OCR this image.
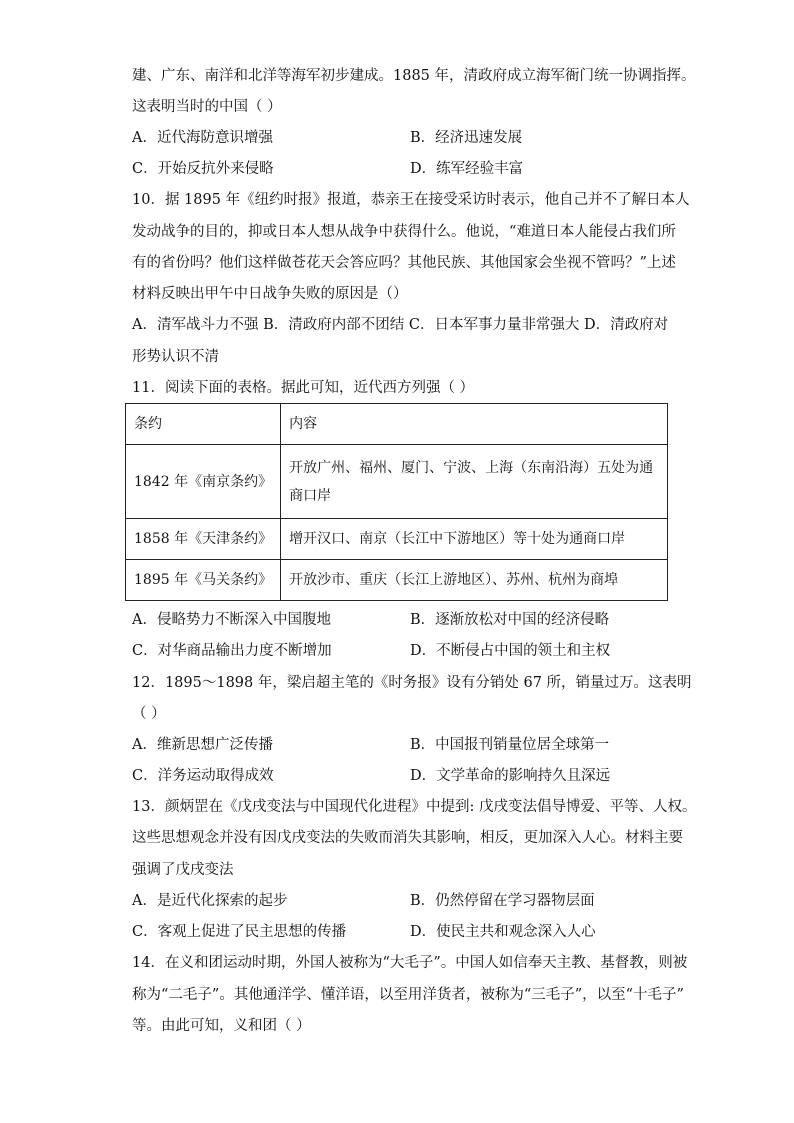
建、广东、南洋和北洋等海军初步建成。1885 年，清政府成立海军衙门统一协调指挥。
这表明当时的中国（ ）
A．近代海防意识增强	B．经济迅速发展
C．开始反抗外来侵略	D．练军经验丰富
10．据 1895 年《纽约时报》报道，恭亲王在接受采访时表示，他自己并不了解日本人
发动战争的目的，抑或日本人想从战争中获得什么。他说，“难道日本人能侵占我们所
有的省份吗？他们这样做苍花天会答应吗？其他民族、其他国家会坐视不管吗？”上述
材料反映出甲午中日战争失败的原因是（）
A．清军战斗力不强 B．清政府内部不团结 C．日本军事力量非常强大 D．清政府对
形势认识不清
11．阅读下面的表格。据此可知，近代西方列强（ ）
条约	内容
1842 年《南京条约》	开放广州、福州、厦门、宁波、上海（东南沿海）五处为通商口岸
1858 年《天津条约》	增开汉口、南京（长江中下游地区）等十处为通商口岸
1895 年《马关条约》	开放沙市、重庆（长江上游地区）、苏州、杭州为商埠
A．侵略势力不断深入中国腹地	B．逐渐放松对中国的经济侵略
C．对华商品输出力度不断增加	D．不断侵占中国的领土和主权
12．1895～1898 年，梁启超主笔的《时务报》设有分销处 67 所，销量过万。这表明
（ ）
A．维新思想广泛传播	B．中国报刊销量位居全球第一
C．洋务运动取得成效	D．文学革命的影响持久且深远
13．颜炳罡在《戊戌变法与中国现代化进程》中提到: 戊戌变法倡导博爱、平等、人权。
这些思想观念并没有因戊戌变法的失败而消失其影响，相反，更加深入人心。材料主要
强调了戊戌变法
A．是近代化探索的起步	B．仍然停留在学习器物层面
C．客观上促进了民主思想的传播	D．使民主共和观念深入人心
14．在义和团运动时期，外国人被称为“大毛子”。中国人如信奉天主教、基督教，则被
称为“二毛子”。其他通洋学、懂洋语，以至用洋货者，被称为“三毛子”，以至“十毛子”
等。由此可知，义和团（ ）
